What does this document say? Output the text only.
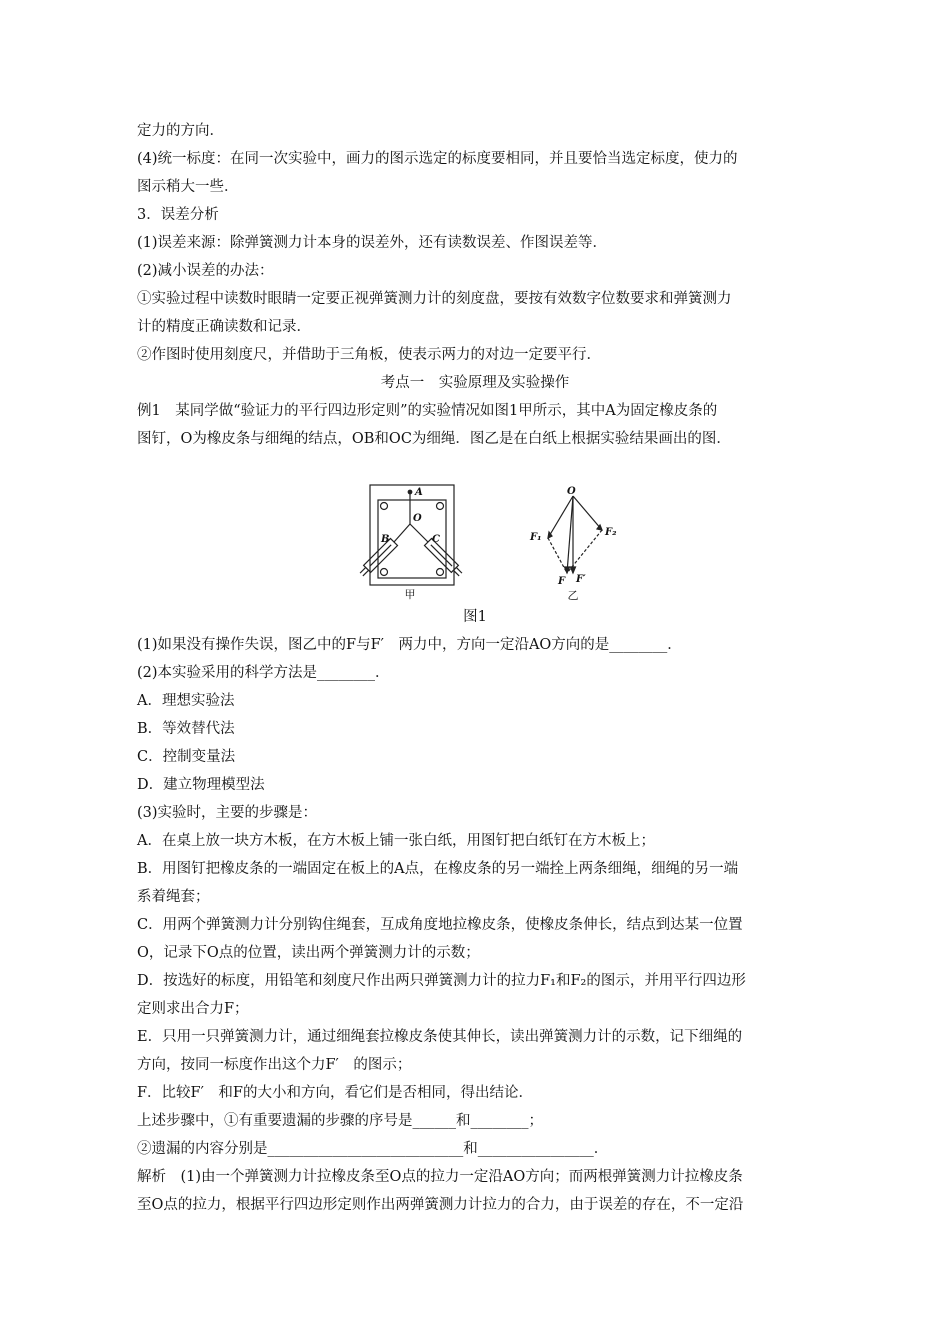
定力的方向．
(4)统一标度：在同一次实验中，画力的图示选定的标度要相同，并且要恰当选定标度，使力的
图示稍大一些．
3．误差分析
(1)误差来源：除弹簧测力计本身的误差外，还有读数误差、作图误差等．
(2)减小误差的办法：
①实验过程中读数时眼睛一定要正视弹簧测力计的刻度盘，要按有效数字位数要求和弹簧测力
计的精度正确读数和记录．
②作图时使用刻度尺，并借助于三角板，使表示两力的对边一定要平行．
考点一　实验原理及实验操作
例1　某同学做“验证力的平行四边形定则”的实验情况如图1甲所示，其中A为固定橡皮条的
图钉，O为橡皮条与细绳的结点，OB和OC为细绳．图乙是在白纸上根据实验结果画出的图．
A
O
B	C
甲
O
F₁	F₂
F F′
乙
图1
(1)如果没有操作失误，图乙中的F与F′　两力中，方向一定沿AO方向的是________．
(2)本实验采用的科学方法是________．
A．理想实验法
B．等效替代法
C．控制变量法
D．建立物理模型法
(3)实验时，主要的步骤是：
A．在桌上放一块方木板，在方木板上铺一张白纸，用图钉把白纸钉在方木板上；
B．用图钉把橡皮条的一端固定在板上的A点，在橡皮条的另一端拴上两条细绳，细绳的另一端
系着绳套；
C．用两个弹簧测力计分别钩住绳套，互成角度地拉橡皮条，使橡皮条伸长，结点到达某一位置
O，记录下O点的位置，读出两个弹簧测力计的示数；
D．按选好的标度，用铅笔和刻度尺作出两只弹簧测力计的拉力F₁和F₂的图示，并用平行四边形
定则求出合力F；
E．只用一只弹簧测力计，通过细绳套拉橡皮条使其伸长，读出弹簧测力计的示数，记下细绳的
方向，按同一标度作出这个力F′　的图示；
F．比较F′　和F的大小和方向，看它们是否相同，得出结论．
上述步骤中，①有重要遗漏的步骤的序号是______和________；
②遗漏的内容分别是___________________________和________________．
解析　(1)由一个弹簧测力计拉橡皮条至O点的拉力一定沿AO方向；而两根弹簧测力计拉橡皮条
至O点的拉力，根据平行四边形定则作出两弹簧测力计拉力的合力，由于误差的存在，不一定沿
